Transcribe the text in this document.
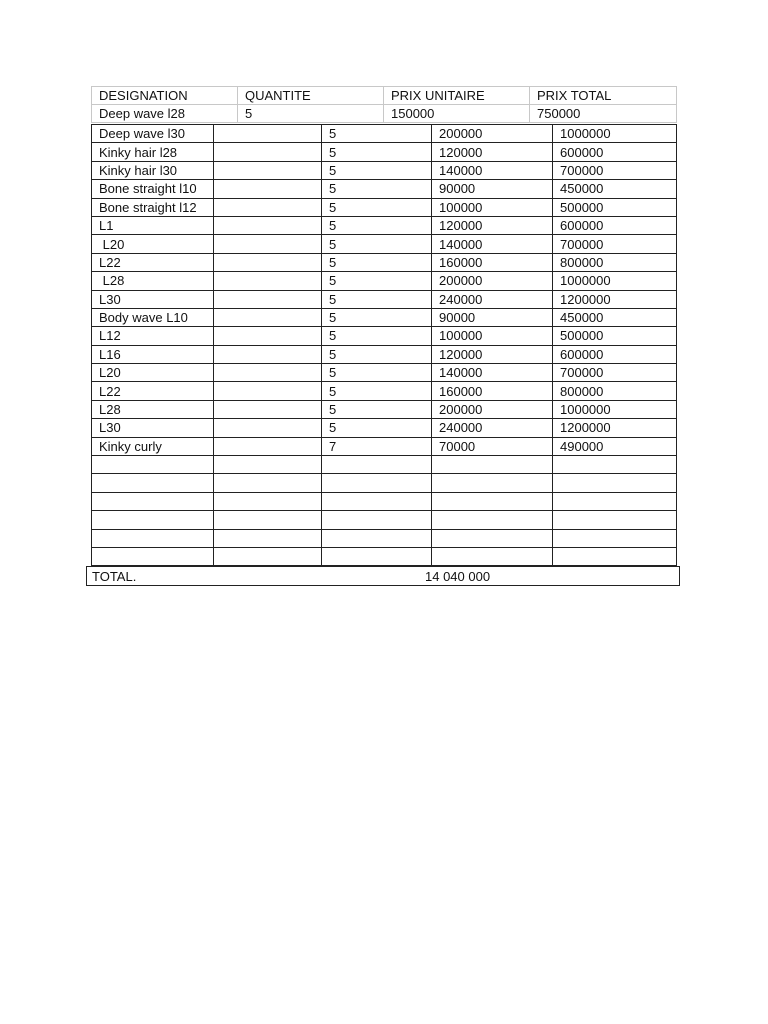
DESIGNATION	QUANTITE	PRIX UNITAIRE	PRIX TOTAL
Deep wave l28	5	150000	750000
Deep wave l30		5	200000	1000000
Kinky hair l28		5	120000	600000
Kinky hair l30		5	140000	700000
Bone straight l10		5	90000	450000
Bone straight l12		5	100000	500000
L1		5	120000	600000
L20		5	140000	700000
L22		5	160000	800000
L28		5	200000	1000000
L30		5	240000	1200000
Body wave L10		5	90000	450000
L12		5	100000	500000
L16		5	120000	600000
L20		5	140000	700000
L22		5	160000	800000
L28		5	200000	1000000
L30		5	240000	1200000
Kinky curly		7	70000	490000

TOTAL.	14 040 000
